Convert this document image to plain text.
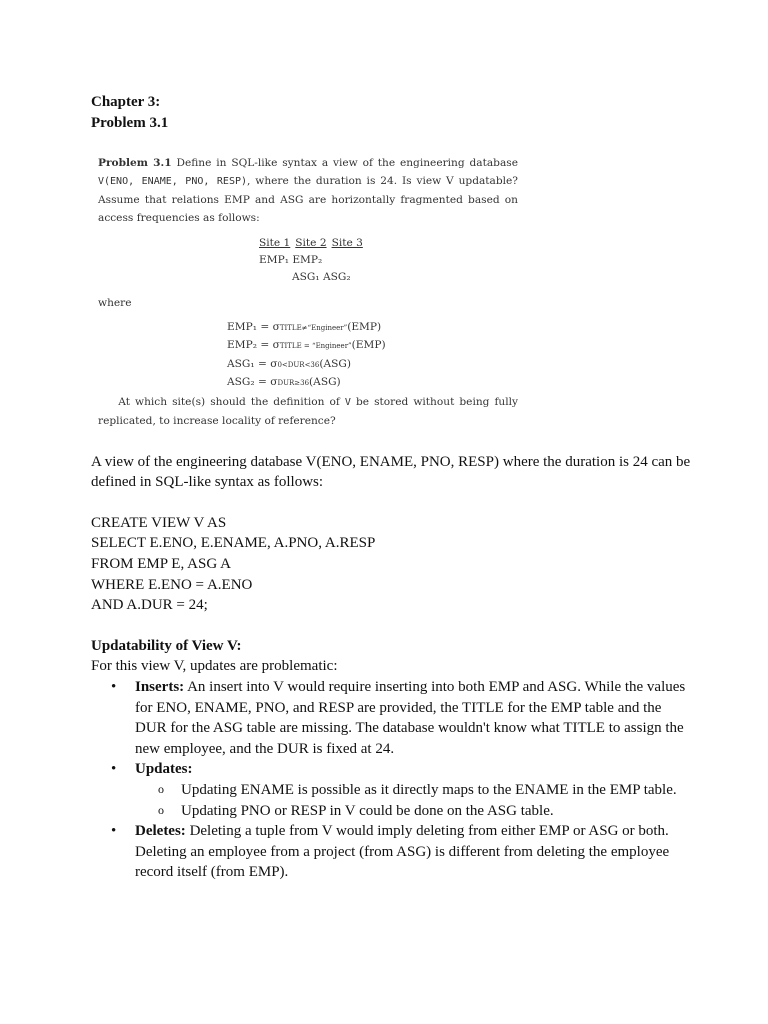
Chapter 3:
Problem 3.1

Problem 3.1 Define in SQL-like syntax a view of the engineering database V(ENO, ENAME, PNO, RESP), where the duration is 24. Is view V updatable? Assume that relations EMP and ASG are horizontally fragmented based on access frequencies as follows:

Site 1 Site 2 Site 3
EMP₁ EMP₂
ASG₁ ASG₂
where
EMP₁ = σTITLE≠“Engineer”(EMP)
EMP₂ = σTITLE = “Engineer”(EMP)
ASG₁ = σ0<DUR<36(ASG)
ASG₂ = σDUR≥36(ASG)

At which site(s) should the definition of V be stored without being fully replicated, to increase locality of reference?

A view of the engineering database V(ENO, ENAME, PNO, RESP) where the duration is 24 can be defined in SQL-like syntax as follows:

CREATE VIEW V AS

SELECT E.ENO, E.ENAME, A.PNO, A.RESP

FROM EMP E, ASG A

WHERE E.ENO = A.ENO

AND A.DUR = 24;

Updatability of View V:

For this view V, updates are problematic:

• Inserts: An insert into V would require inserting into both EMP and ASG. While the values for ENO, ENAME, PNO, and RESP are provided, the TITLE for the EMP table and the DUR for the ASG table are missing. The database wouldn't know what TITLE to assign the new employee, and the DUR is fixed at 24.
• Updates:
o Updating ENAME is possible as it directly maps to the ENAME in the EMP table.
o Updating PNO or RESP in V could be done on the ASG table.
• Deletes: Deleting a tuple from V would imply deleting from either EMP or ASG or both. Deleting an employee from a project (from ASG) is different from deleting the employee record itself (from EMP).
